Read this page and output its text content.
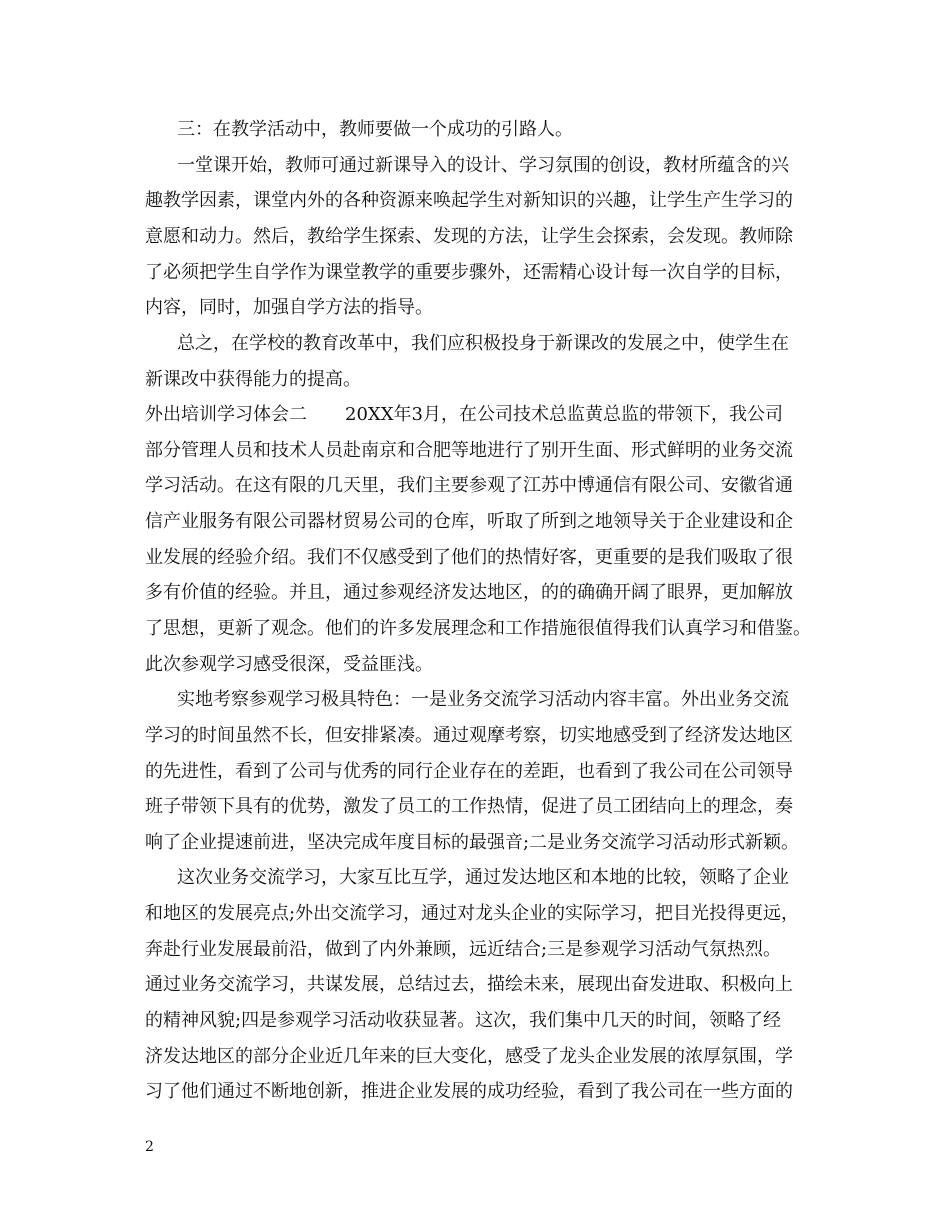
三：在教学活动中，教师要做一个成功的引路人。
一堂课开始，教师可通过新课导入的设计、学习氛围的创设，教材所蕴含的兴
趣教学因素，课堂内外的各种资源来唤起学生对新知识的兴趣，让学生产生学习的
意愿和动力。然后，教给学生探索、发现的方法，让学生会探索，会发现。教师除
了必须把学生自学作为课堂教学的重要步骤外，还需精心设计每一次自学的目标，
内容，同时，加强自学方法的指导。
总之，在学校的教育改革中，我们应积极投身于新课改的发展之中，使学生在
新课改中获得能力的提高。
外出培训学习体会二 20XX年3月，在公司技术总监黄总监的带领下，我公司
部分管理人员和技术人员赴南京和合肥等地进行了别开生面、形式鲜明的业务交流
学习活动。在这有限的几天里，我们主要参观了江苏中博通信有限公司、安徽省通
信产业服务有限公司器材贸易公司的仓库，听取了所到之地领导关于企业建设和企
业发展的经验介绍。我们不仅感受到了他们的热情好客，更重要的是我们吸取了很
多有价值的经验。并且，通过参观经济发达地区，的的确确开阔了眼界，更加解放
了思想，更新了观念。他们的许多发展理念和工作措施很值得我们认真学习和借鉴。
此次参观学习感受很深，受益匪浅。
实地考察参观学习极具特色：一是业务交流学习活动内容丰富。外出业务交流
学习的时间虽然不长，但安排紧凑。通过观摩考察，切实地感受到了经济发达地区
的先进性，看到了公司与优秀的同行企业存在的差距，也看到了我公司在公司领导
班子带领下具有的优势，激发了员工的工作热情，促进了员工团结向上的理念，奏
响了企业提速前进，坚决完成年度目标的最强音;二是业务交流学习活动形式新颖。
这次业务交流学习，大家互比互学，通过发达地区和本地的比较，领略了企业
和地区的发展亮点;外出交流学习，通过对龙头企业的实际学习，把目光投得更远，
奔赴行业发展最前沿，做到了内外兼顾，远近结合;三是参观学习活动气氛热烈。
通过业务交流学习，共谋发展，总结过去，描绘未来，展现出奋发进取、积极向上
的精神风貌;四是参观学习活动收获显著。这次，我们集中几天的时间，领略了经
济发达地区的部分企业近几年来的巨大变化，感受了龙头企业发展的浓厚氛围，学
习了他们通过不断地创新，推进企业发展的成功经验，看到了我公司在一些方面的
2
